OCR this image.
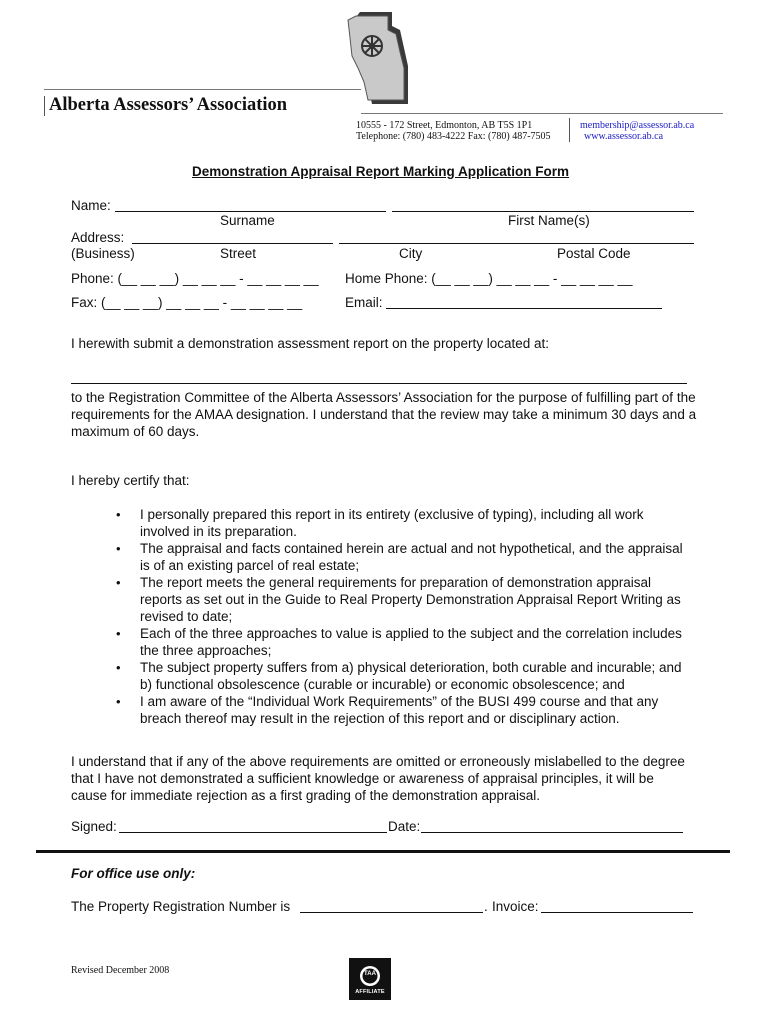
Alberta Assessors’ Association
10555 - 172 Street, Edmonton, AB T5S 1P1
Telephone: (780) 483-4222 Fax: (780) 487-7505
membership@assessor.ab.ca
www.assessor.ab.ca
Demonstration Appraisal Report Marking Application Form
Name:
Surname	First Name(s)
Address:
(Business)	Street	City	Postal Code
Phone: (__ __ __) __ __ __ - __ __ __ __ Home Phone: (__ __ __) __ __ __ - __ __ __ __
Fax: (__ __ __) __ __ __ - __ __ __ __	Email:
I herewith submit a demonstration assessment report on the property located at:
to the Registration Committee of the Alberta Assessors’ Association for the purpose of fulfilling part of the requirements for the AMAA designation. I understand that the review may take a minimum 30 days and a maximum of 60 days.
I hereby certify that:
• I personally prepared this report in its entirety (exclusive of typing), including all work involved in its preparation.
• The appraisal and facts contained herein are actual and not hypothetical, and the appraisal is of an existing parcel of real estate;
• The report meets the general requirements for preparation of demonstration appraisal reports as set out in the Guide to Real Property Demonstration Appraisal Report Writing as revised to date;
• Each of the three approaches to value is applied to the subject and the correlation includes the three approaches;
• The subject property suffers from a) physical deterioration, both curable and incurable; and b) functional obsolescence (curable or incurable) or economic obsolescence; and
• I am aware of the “Individual Work Requirements” of the BUSI 499 course and that any breach thereof may result in the rejection of this report and or disciplinary action.
I understand that if any of the above requirements are omitted or erroneously mislabelled to the degree that I have not demonstrated a sufficient knowledge or awareness of appraisal principles, it will be cause for immediate rejection as a first grading of the demonstration appraisal.
Signed:	Date:
For office use only:
The Property Registration Number is	. Invoice:
Revised December 2008	TAA
AFFILIATE
